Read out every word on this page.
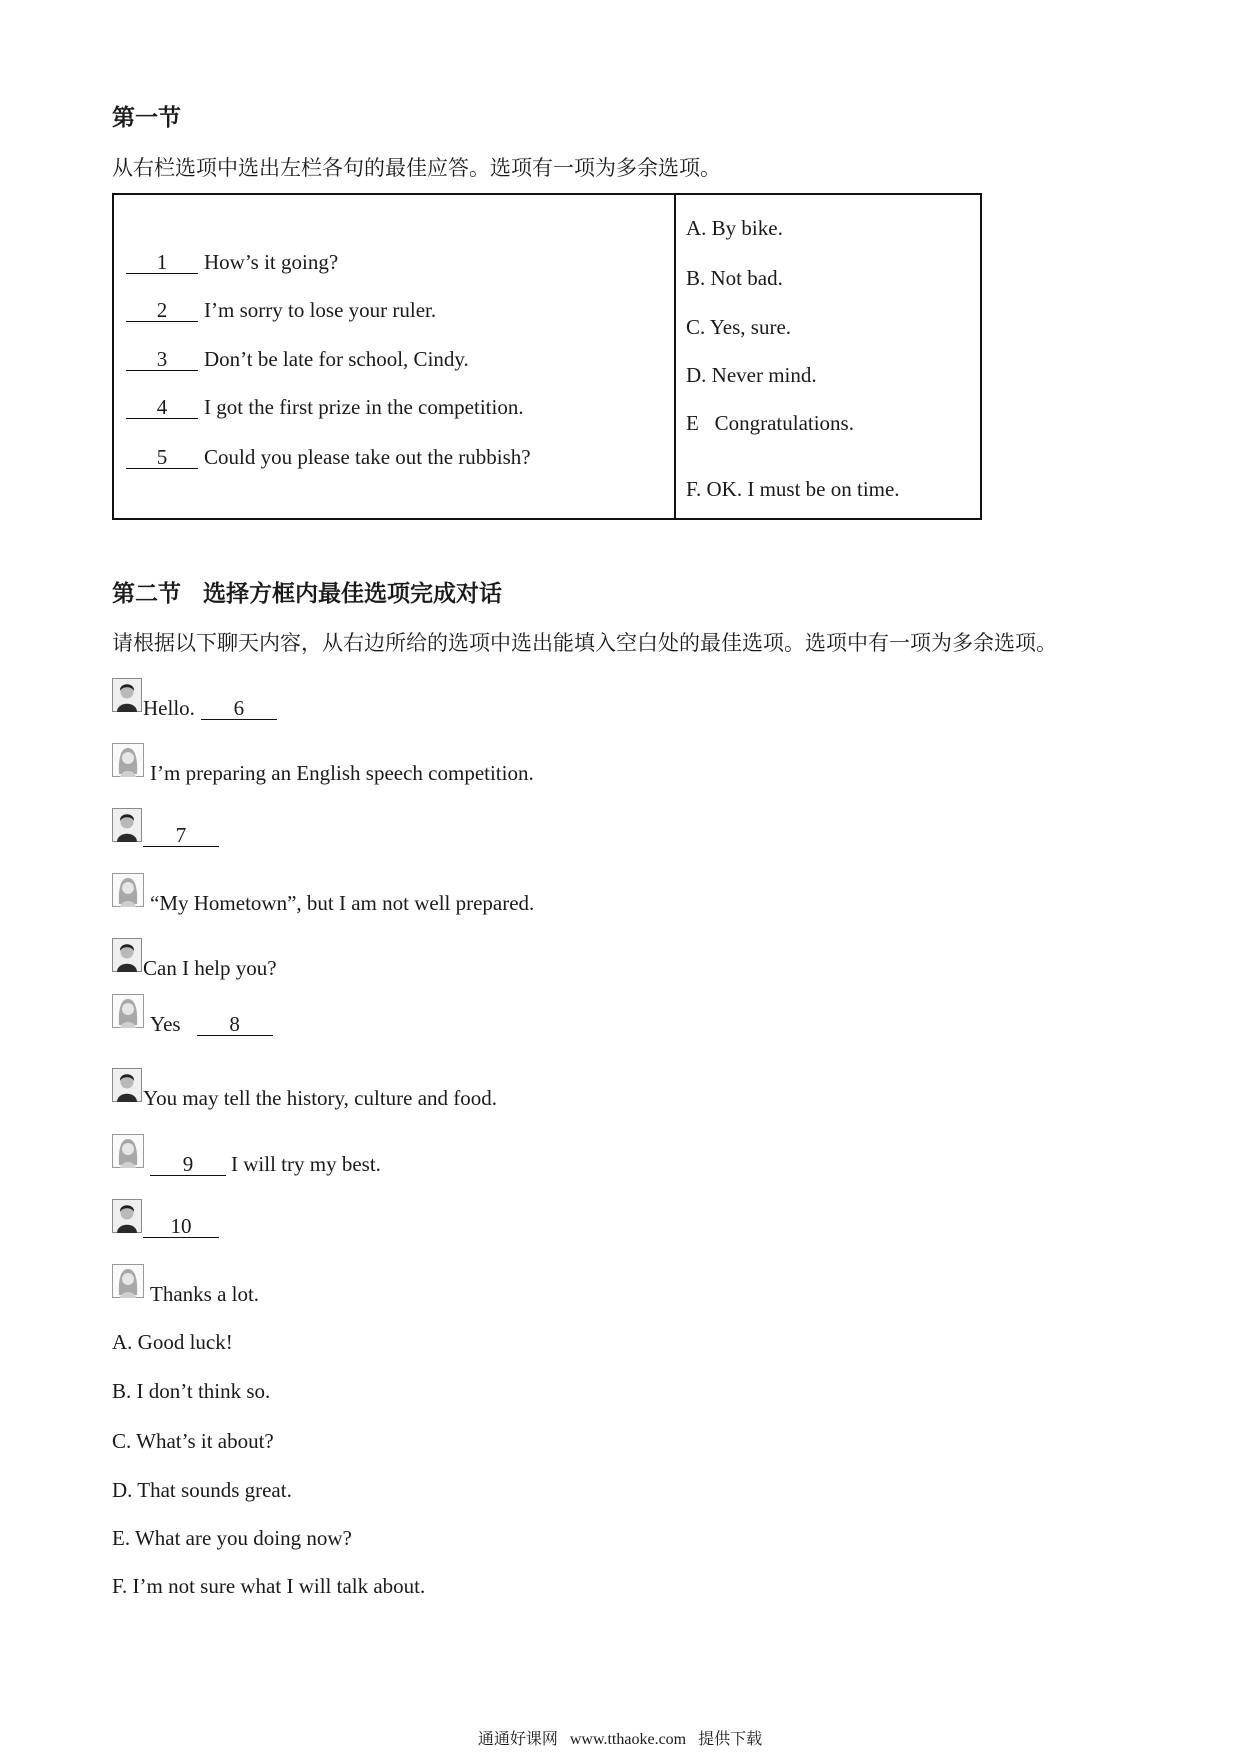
第一节
从右栏选项中选出左栏各句的最佳应答。选项有一项为多余选项。
1	How’s it going?
2	I’m sorry to lose your ruler.
3	Don’t be late for school, Cindy.
4	I got the first prize in the competition.
5	Could you please take out the rubbish?
A. By bike.
B. Not bad.
C. Yes, sure.
D. Never mind.
E   Congratulations.
F. OK. I must be on time.
第二节 选择方框内最佳选项完成对话
请根据以下聊天内容，从右边所给的选项中选出能填入空白处的最佳选项。选项中有一项为多余选项。
Hello.	6
I’m preparing an English speech competition.
7
“My Hometown”, but I am not well prepared.
Can I help you?
Yes	8
You may tell the history, culture and food.
9	I will try my best.
10
Thanks a lot.
A. Good luck!
B. I don’t think so.
C. What’s it about?
D. That sounds great.
E. What are you doing now?
F. I’m not sure what I will talk about.
通通好课网 www.tthaoke.com 提供下载
